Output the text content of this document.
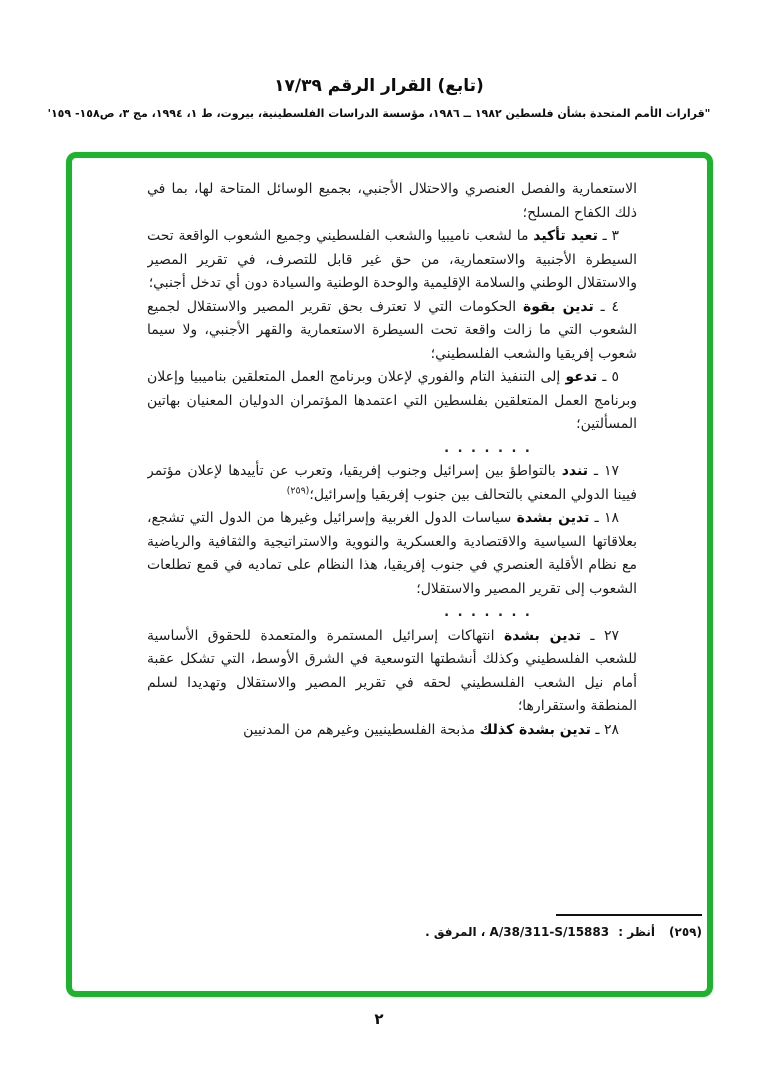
(تابع) القرار الرقم ١٧/٣٩
"قرارات الأمم المتحدة بشأن فلسطين ١٩٨٢ ــ ١٩٨٦، مؤسسة الدراسات الفلسطينية، بيروت، ط ١، ١٩٩٤، مج ٣، ص١٥٨- ١٥٩'

الاستعمارية والفصل العنصري والاحتلال الأجنبي، بجميع الوسائل المتاحة لها، بما في ذلك الكفاح المسلح؛

٣ ـ تعيد تأكيد ما لشعب ناميبيا والشعب الفلسطيني وجميع الشعوب الواقعة تحت السيطرة الأجنبية والاستعمارية، من حق غير قابل للتصرف، في تقرير المصير والاستقلال الوطني والسلامة الإقليمية والوحدة الوطنية والسيادة دون أي تدخل أجنبي؛

٤ ـ تدين بقوة الحكومات التي لا تعترف بحق تقرير المصير والاستقلال لجميع الشعوب التي ما زالت واقعة تحت السيطرة الاستعمارية والقهر الأجنبي، ولا سيما شعوب إفريقيا والشعب الفلسطيني؛

٥ ـ تدعو إلى التنفيذ التام والفوري لإعلان وبرنامج العمل المتعلقين بناميبيا وإعلان وبرنامج العمل المتعلقين بفلسطين التي اعتمدها المؤتمران الدوليان المعنيان بهاتين المسألتين؛

. . . . . . .

١٧ ـ تندد بالتواطؤ بين إسرائيل وجنوب إفريقيا، وتعرب عن تأييدها لإعلان مؤتمر فيينا الدولي المعني بالتحالف بين جنوب إفريقيا وإسرائيل؛$^{(٢٥٩)}$

١٨ ـ تدين بشدة سياسات الدول الغربية وإسرائيل وغيرها من الدول التي تشجع، بعلاقاتها السياسية والاقتصادية والعسكرية والنووية والاستراتيجية والثقافية والرياضية مع نظام الأقلية العنصري في جنوب إفريقيا، هذا النظام على تماديه في قمع تطلعات الشعوب إلى تقرير المصير والاستقلال؛

. . . . . . .

٢٧ ـ تدين بشدة انتهاكات إسرائيل المستمرة والمتعمدة للحقوق الأساسية للشعب الفلسطيني وكذلك أنشطتها التوسعية في الشرق الأوسط، التي تشكل عقبة أمام نيل الشعب الفلسطيني لحقه في تقرير المصير والاستقلال وتهديدا لسلم المنطقة واستقرارها؛

٢٨ ـ تدين بشدة كذلك مذبحة الفلسطينيين وغيرهم من المدنيين

(٢٥٩)أنظر : A/38/311-S/15883 ، المرفق .
٢
